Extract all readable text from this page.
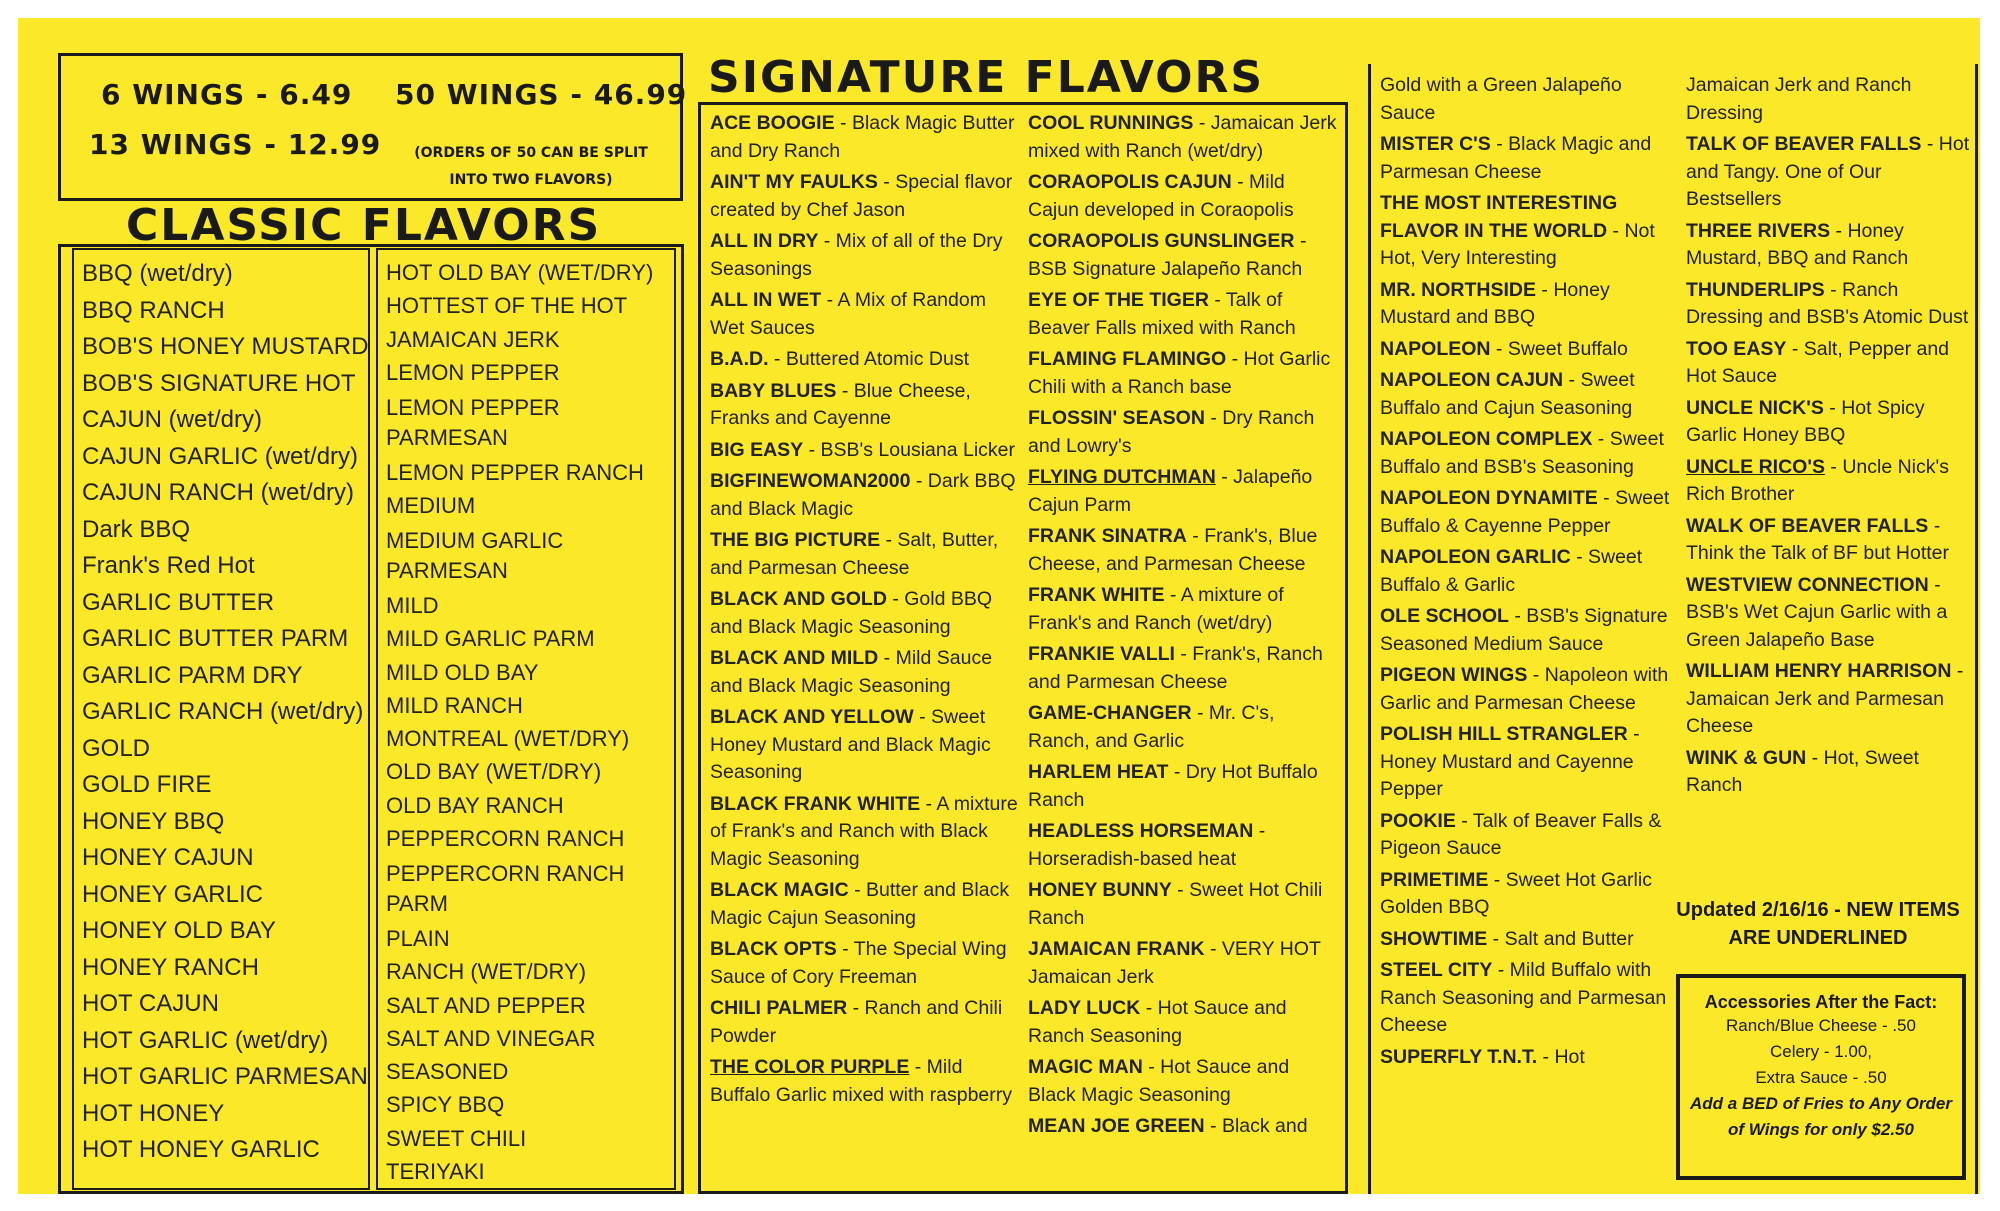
6 WINGS - 6.49
13 WINGS - 12.99
50 WINGS - 46.99
(ORDERS OF 50 CAN BE SPLIT INTO TWO FLAVORS)
CLASSIC FLAVORS
SIGNATURE FLAVORS
BBQ (wet/dry)
BBQ RANCH
BOB'S HONEY MUSTARD
BOB'S SIGNATURE HOT
CAJUN (wet/dry)
CAJUN GARLIC (wet/dry)
CAJUN RANCH (wet/dry)
Dark BBQ
Frank's Red Hot
GARLIC BUTTER
GARLIC BUTTER PARM
GARLIC PARM DRY
GARLIC RANCH (wet/dry)
GOLD
GOLD FIRE
HONEY BBQ
HONEY CAJUN
HONEY GARLIC
HONEY OLD BAY
HONEY RANCH
HOT CAJUN
HOT GARLIC (wet/dry)
HOT GARLIC PARMESAN
HOT HONEY
HOT HONEY GARLIC
HOT OLD BAY (WET/DRY)
HOTTEST OF THE HOT
JAMAICAN JERK
LEMON PEPPER
LEMON PEPPER PARMESAN
LEMON PEPPER RANCH
MEDIUM
MEDIUM GARLIC PARMESAN
MILD
MILD GARLIC PARM
MILD OLD BAY
MILD RANCH
MONTREAL (WET/DRY)
OLD BAY (WET/DRY)
OLD BAY RANCH
PEPPERCORN RANCH
PEPPERCORN RANCH PARM
PLAIN
RANCH (WET/DRY)
SALT AND PEPPER
SALT AND VINEGAR
SEASONED
SPICY BBQ
SWEET CHILI
TERIYAKI
ACE BOOGIE - Black Magic Butter and Dry Ranch
AIN'T MY FAULKS - Special flavor created by Chef Jason
ALL IN DRY - Mix of all of the Dry Seasonings
ALL IN WET - A Mix of Random Wet Sauces
B.A.D. - Buttered Atomic Dust
BABY BLUES - Blue Cheese, Franks and Cayenne
BIG EASY - BSB's Lousiana Licker
BIGFINEWOMAN2000 - Dark BBQ and Black Magic
THE BIG PICTURE - Salt, Butter, and Parmesan Cheese
BLACK AND GOLD - Gold BBQ and Black Magic Seasoning
BLACK AND MILD - Mild Sauce and Black Magic Seasoning
BLACK AND YELLOW - Sweet Honey Mustard and Black Magic Seasoning
BLACK FRANK WHITE - A mixture of Frank's and Ranch with Black Magic Seasoning
BLACK MAGIC - Butter and Black Magic Cajun Seasoning
BLACK OPTS - The Special Wing Sauce of Cory Freeman
CHILI PALMER - Ranch and Chili Powder
THE COLOR PURPLE - Mild Buffalo Garlic mixed with raspberry
COOL RUNNINGS - Jamaican Jerk mixed with Ranch (wet/dry)
CORAOPOLIS CAJUN - Mild Cajun developed in Coraopolis
CORAOPOLIS GUNSLINGER - BSB Signature Jalapeño Ranch
EYE OF THE TIGER - Talk of Beaver Falls mixed with Ranch
FLAMING FLAMINGO - Hot Garlic Chili with a Ranch base
FLOSSIN' SEASON - Dry Ranch and Lowry's
FLYING DUTCHMAN - Jalapeño Cajun Parm
FRANK SINATRA - Frank's, Blue Cheese, and Parmesan Cheese
FRANK WHITE - A mixture of Frank's and Ranch (wet/dry)
FRANKIE VALLI - Frank's, Ranch and Parmesan Cheese
GAME-CHANGER - Mr. C's, Ranch, and Garlic
HARLEM HEAT - Dry Hot Buffalo Ranch
HEADLESS HORSEMAN - Horseradish-based heat
HONEY BUNNY - Sweet Hot Chili Ranch
JAMAICAN FRANK - VERY HOT Jamaican Jerk
LADY LUCK - Hot Sauce and Ranch Seasoning
MAGIC MAN - Hot Sauce and Black Magic Seasoning
MEAN JOE GREEN - Black and
Gold with a Green Jalapeño Sauce
MISTER C'S - Black Magic and Parmesan Cheese
THE MOST INTERESTING FLAVOR IN THE WORLD - Not Hot, Very Interesting
MR. NORTHSIDE - Honey Mustard and BBQ
NAPOLEON - Sweet Buffalo
NAPOLEON CAJUN - Sweet Buffalo and Cajun Seasoning
NAPOLEON COMPLEX - Sweet Buffalo and BSB's Seasoning
NAPOLEON DYNAMITE - Sweet Buffalo & Cayenne Pepper
NAPOLEON GARLIC - Sweet Buffalo & Garlic
OLE SCHOOL - BSB's Signature Seasoned Medium Sauce
PIGEON WINGS - Napoleon with Garlic and Parmesan Cheese
POLISH HILL STRANGLER - Honey Mustard and Cayenne Pepper
POOKIE - Talk of Beaver Falls & Pigeon Sauce
PRIMETIME - Sweet Hot Garlic Golden BBQ
SHOWTIME - Salt and Butter
STEEL CITY - Mild Buffalo with Ranch Seasoning and Parmesan Cheese
SUPERFLY T.N.T. - Hot
Jamaican Jerk and Ranch Dressing
TALK OF BEAVER FALLS - Hot and Tangy. One of Our Bestsellers
THREE RIVERS - Honey Mustard, BBQ and Ranch
THUNDERLIPS - Ranch Dressing and BSB's Atomic Dust
TOO EASY - Salt, Pepper and Hot Sauce
UNCLE NICK'S - Hot Spicy Garlic Honey BBQ
UNCLE RICO'S - Uncle Nick's Rich Brother
WALK OF BEAVER FALLS - Think the Talk of BF but Hotter
WESTVIEW CONNECTION - BSB's Wet Cajun Garlic with a Green Jalapeño Base
WILLIAM HENRY HARRISON - Jamaican Jerk and Parmesan Cheese
WINK & GUN - Hot, Sweet Ranch
Updated 2/16/16 - NEW ITEMS ARE UNDERLINED
Accessories After the Fact:
Ranch/Blue Cheese - .50
Celery - 1.00,
Extra Sauce - .50
Add a BED of Fries to Any Order of Wings for only $2.50
